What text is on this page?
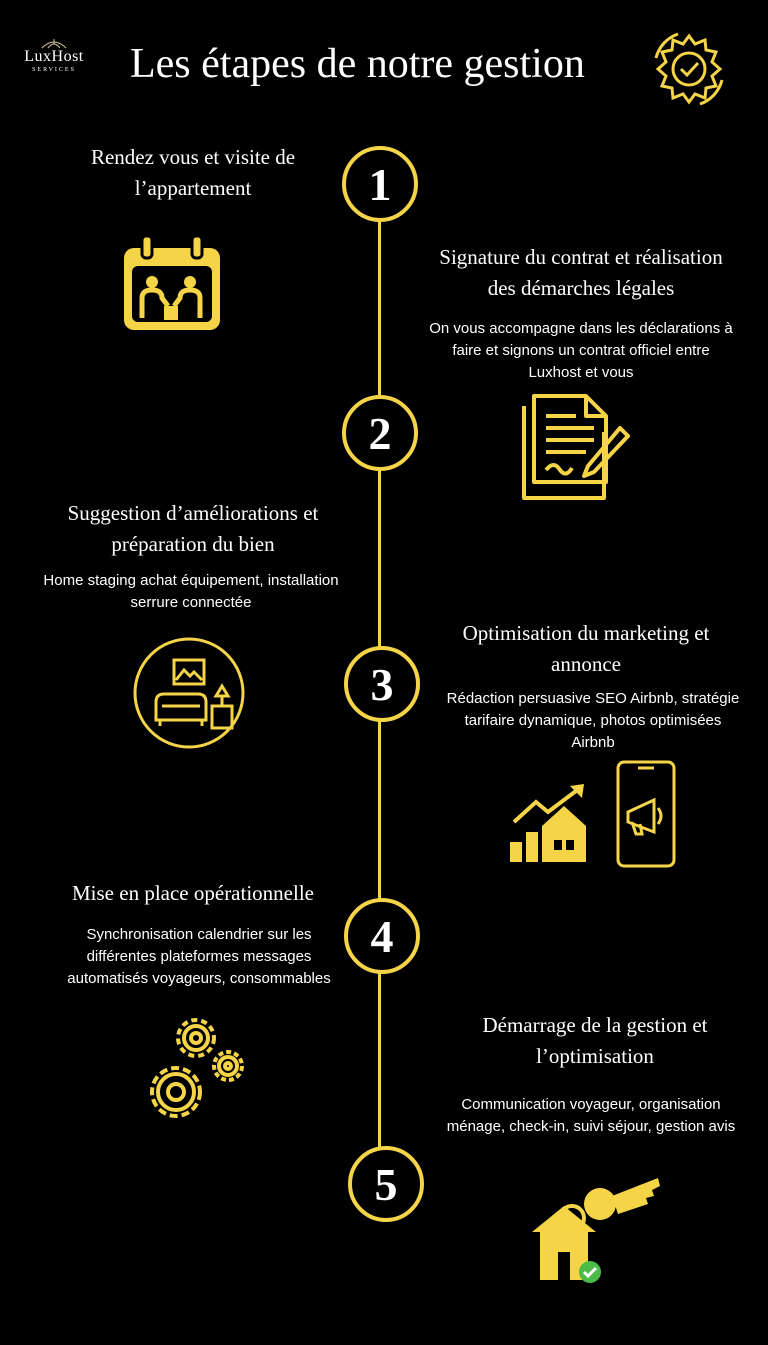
LuxHost
SERVICES	Les étapes de notre gestion
1
2
3
4
5
Rendez vous et visite de
l’appartement
Signature du contrat et réalisation
des démarches légales
On vous accompagne dans les déclarations à
faire et signons un contrat officiel entre
Luxhost et vous
Suggestion d’améliorations et
préparation du bien
Home staging achat équipement, installation
serrure connectée
Optimisation du marketing et
annonce
Rédaction persuasive SEO Airbnb, stratégie
tarifaire dynamique, photos optimisées
Airbnb
Mise en place opérationnelle
Synchronisation calendrier sur les
différentes plateformes messages
automatisés voyageurs, consommables
Démarrage de la gestion et
l’optimisation
Communication voyageur, organisation
ménage, check-in, suivi séjour, gestion avis
